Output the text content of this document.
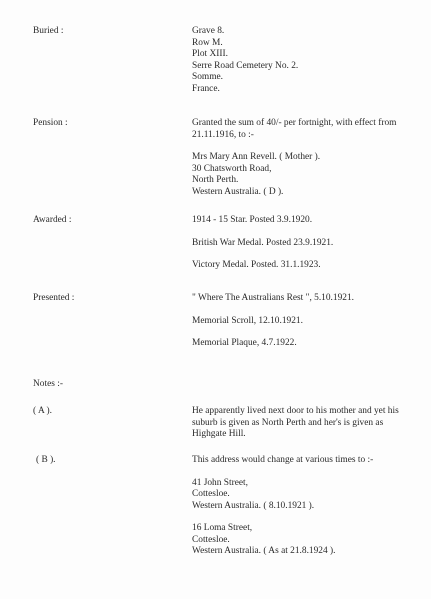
Buried :	Grave 8.
Row M.
Plot XIII.
Serre Road Cemetery No. 2.
Somme.
France.
Pension :	Granted the sum of 40/- per fortnight, with effect from 21.11.1916, to :-
Mrs Mary Ann Revell. ( Mother ).
30 Chatsworth Road,
North Perth.
Western Australia. ( D ).
Awarded :	1914 - 15 Star. Posted 3.9.1920.
British War Medal. Posted 23.9.1921.
Victory Medal. Posted. 31.1.1923.
Presented :	" Where The Australians Rest ", 5.10.1921.
Memorial Scroll, 12.10.1921.
Memorial Plaque, 4.7.1922.
Notes :-
( A ).	He apparently lived next door to his mother and yet his suburb is given as North Perth and her's is given as Highgate Hill.
( B ).	This address would change at various times to :-
41 John Street,
Cottesloe.
Western Australia. ( 8.10.1921 ).
16 Loma Street,
Cottesloe.
Western Australia. ( As at 21.8.1924 ).
